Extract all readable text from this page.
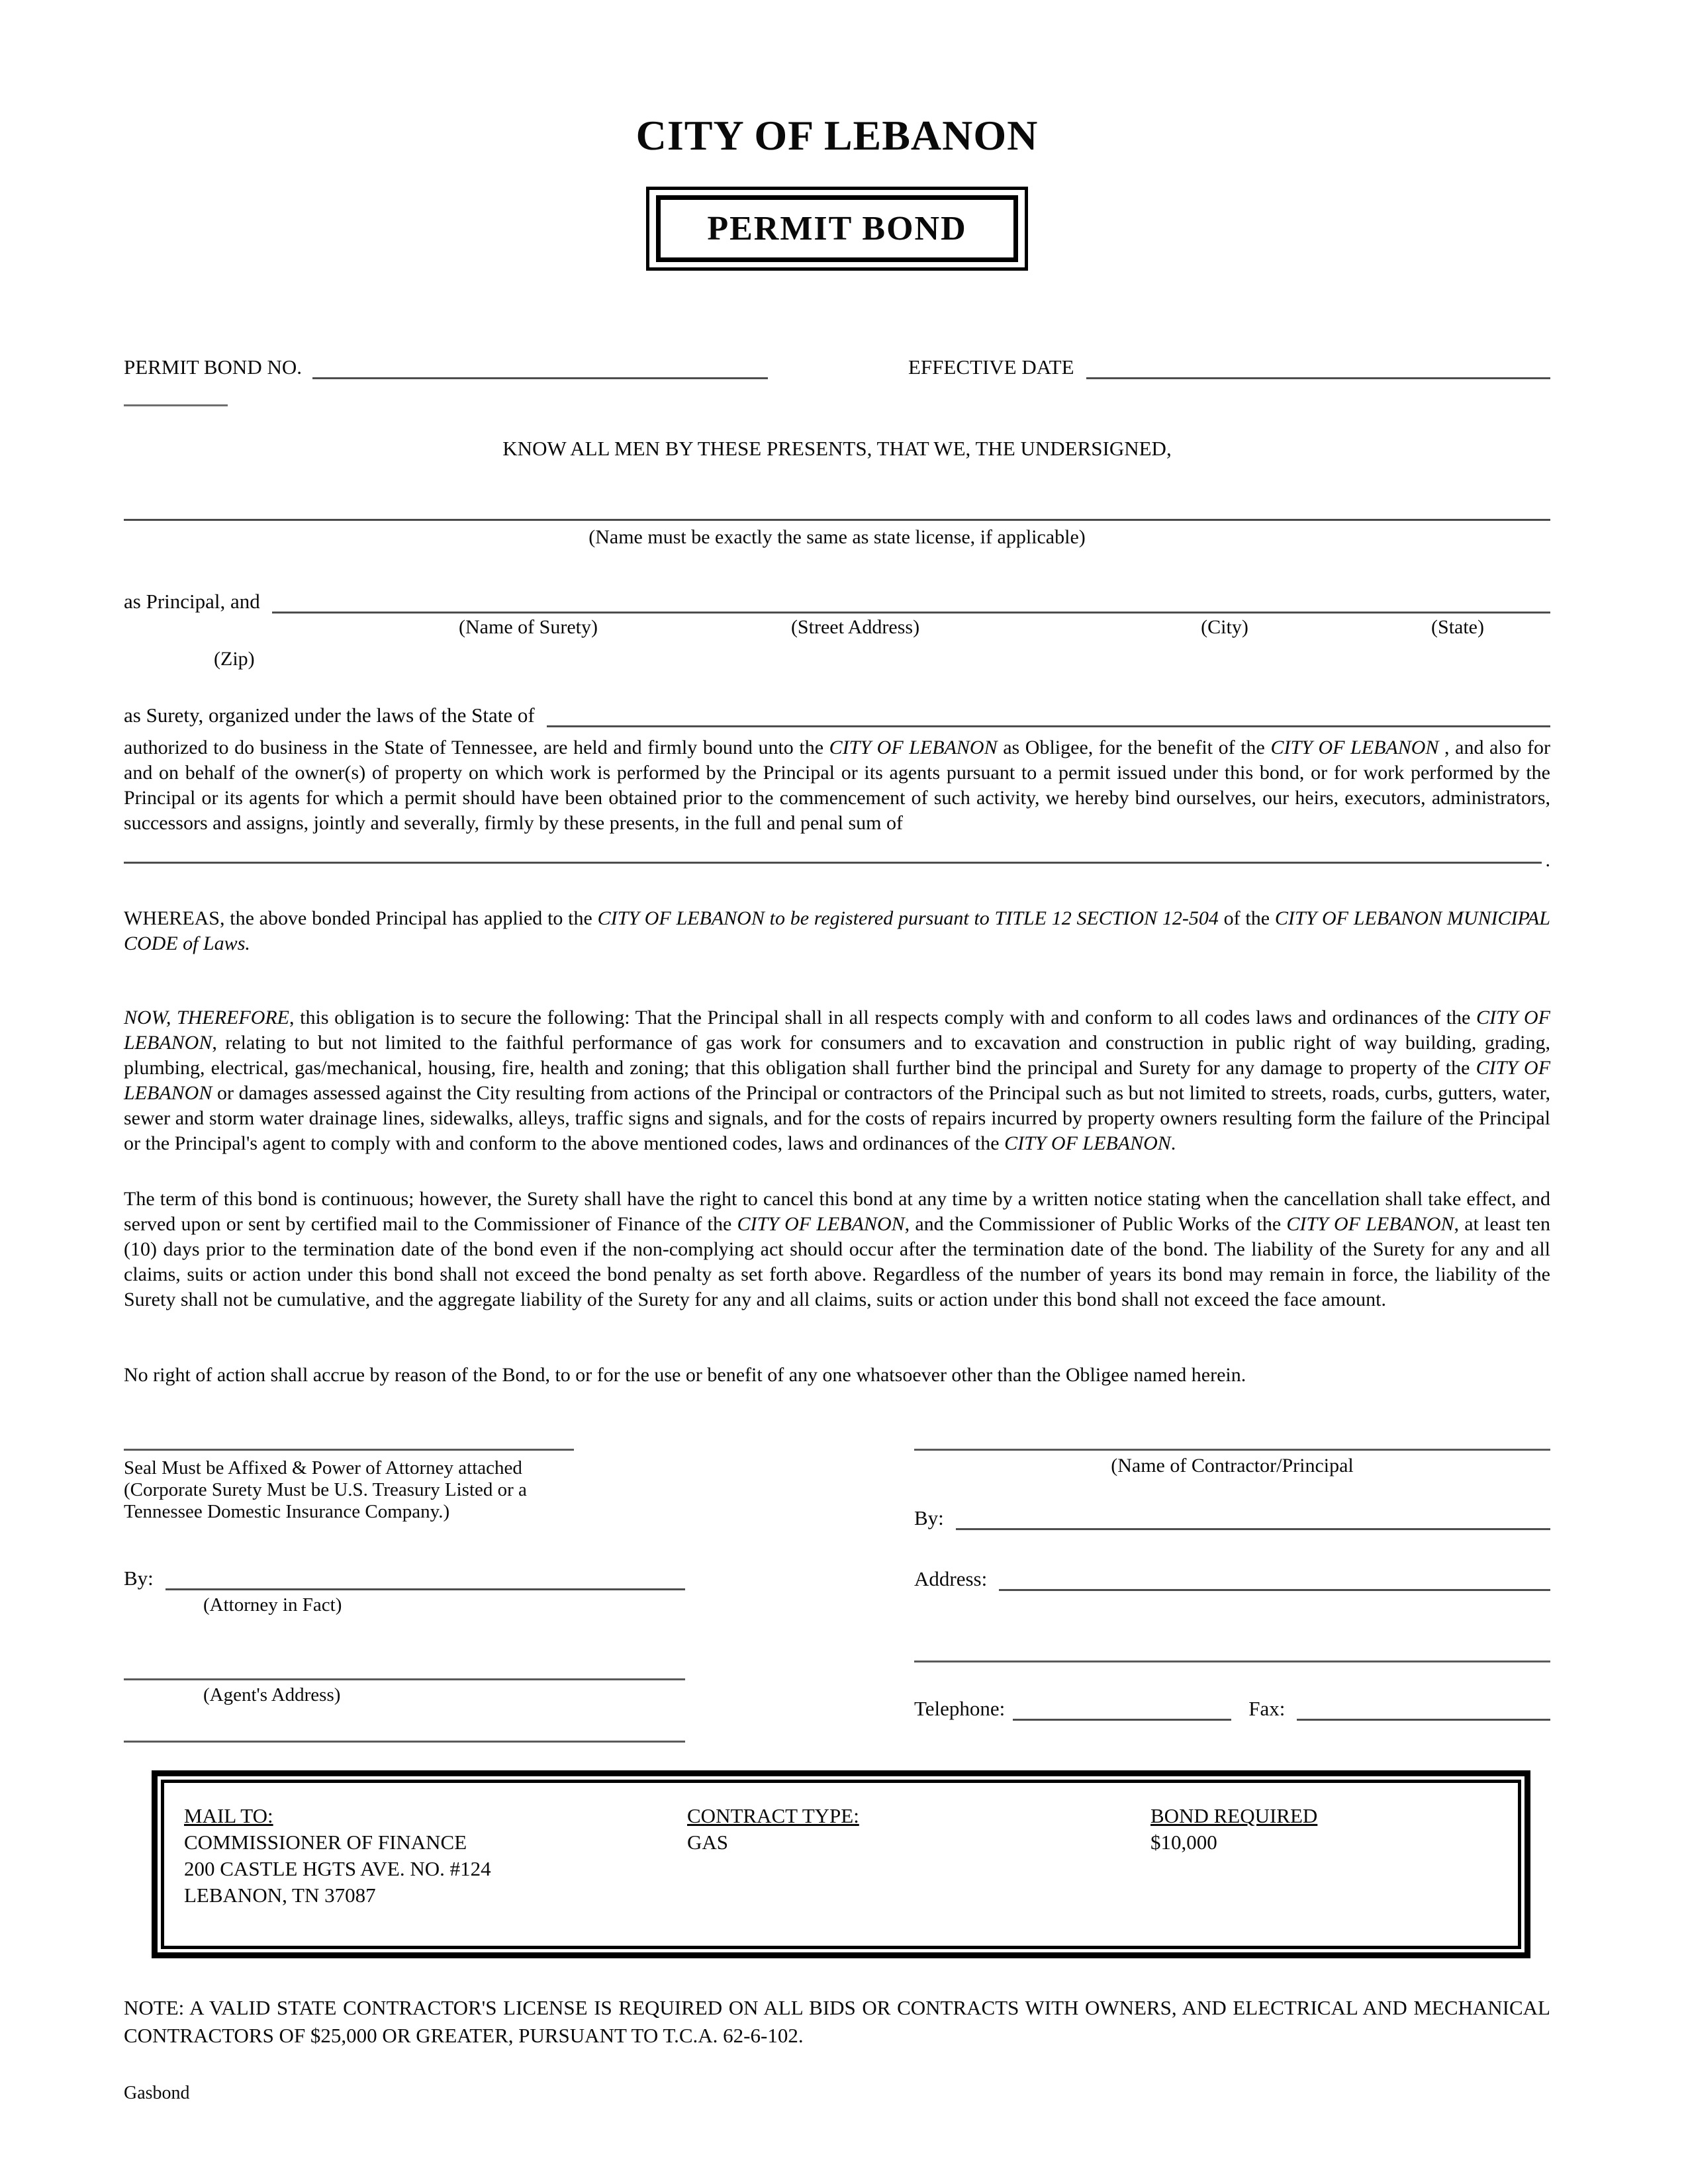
CITY OF LEBANON
PERMIT BOND
PERMIT BOND NO.	EFFECTIVE DATE
KNOW ALL MEN BY THESE PRESENTS, THAT WE, THE UNDERSIGNED,
(Name must be exactly the same as state license, if applicable)
as Principal, and
(Name of Surety)	(Street Address)	(City)	(State)
(Zip)
as Surety, organized under the laws of the State of

authorized to do business in the State of Tennessee, are held and firmly bound unto the CITY OF LEBANON as Obligee, for the benefit of the CITY OF LEBANON , and also for and on behalf of the owner(s) of property on which work is performed by the Principal or its agents pursuant to a permit issued under this bond, or for work performed by the Principal or its agents for which a permit should have been obtained prior to the commencement of such activity, we hereby bind ourselves, our heirs, executors, administrators, successors and assigns, jointly and severally, firmly by these presents, in the full and penal sum of

.

WHEREAS, the above bonded Principal has applied to the CITY OF LEBANON to be registered pursuant to TITLE 12 SECTION 12-504 of the CITY OF LEBANON MUNICIPAL CODE of Laws.

NOW, THEREFORE, this obligation is to secure the following: That the Principal shall in all respects comply with and conform to all codes laws and ordinances of the CITY OF LEBANON, relating to but not limited to the faithful performance of gas work for consumers and to excavation and construction in public right of way building, grading, plumbing, electrical, gas/mechanical, housing, fire, health and zoning; that this obligation shall further bind the principal and Surety for any damage to property of the CITY OF LEBANON or damages assessed against the City resulting from actions of the Principal or contractors of the Principal such as but not limited to streets, roads, curbs, gutters, water, sewer and storm water drainage lines, sidewalks, alleys, traffic signs and signals, and for the costs of repairs incurred by property owners resulting form the failure of the Principal or the Principal's agent to comply with and conform to the above mentioned codes, laws and ordinances of the CITY OF LEBANON.

The term of this bond is continuous; however, the Surety shall have the right to cancel this bond at any time by a written notice stating when the cancellation shall take effect, and served upon or sent by certified mail to the Commissioner of Finance of the CITY OF LEBANON, and the Commissioner of Public Works of the CITY OF LEBANON, at least ten (10) days prior to the termination date of the bond even if the non-complying act should occur after the termination date of the bond. The liability of the Surety for any and all claims, suits or action under this bond shall not exceed the bond penalty as set forth above. Regardless of the number of years its bond may remain in force, the liability of the Surety shall not be cumulative, and the aggregate liability of the Surety for any and all claims, suits or action under this bond shall not exceed the face amount.

No right of action shall accrue by reason of the Bond, to or for the use or benefit of any one whatsoever other than the Obligee named herein.

Seal Must be Affixed & Power of Attorney attached
(Corporate Surety Must be U.S. Treasury Listed or a
Tennessee Domestic Insurance Company.)
By:
(Attorney in Fact)
(Agent's Address)
(Name of Contractor/Principal
By:
Address:
Telephone:	Fax:
MAIL TO:
COMMISSIONER OF FINANCE
200 CASTLE HGTS AVE. NO. #124
LEBANON, TN 37087
CONTRACT TYPE:
GAS
BOND REQUIRED
$10,000

NOTE: A VALID STATE CONTRACTOR'S LICENSE IS REQUIRED ON ALL BIDS OR CONTRACTS WITH OWNERS, AND ELECTRICAL AND MECHANICAL CONTRACTORS OF $25,000 OR GREATER, PURSUANT TO T.C.A. 62-6-102.

Gasbond
